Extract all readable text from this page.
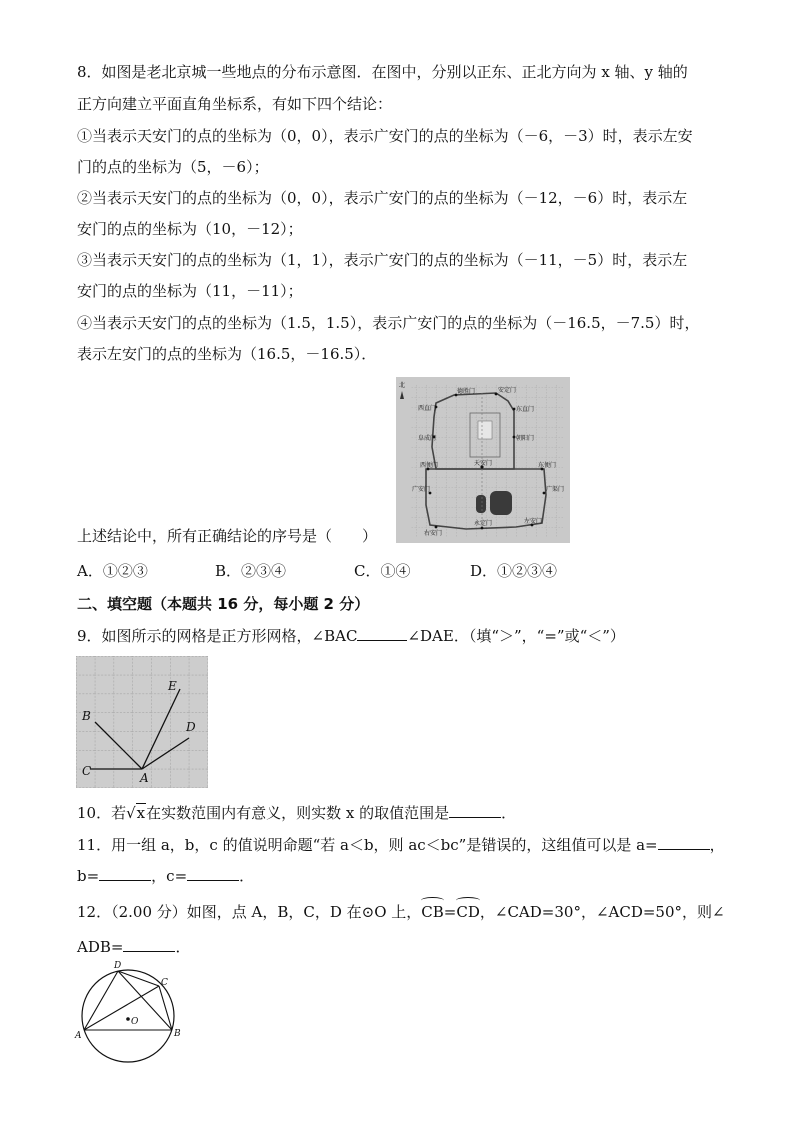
8．如图是老北京城一些地点的分布示意图．在图中，分别以正东、正北方向为 x 轴、y 轴的
正方向建立平面直角坐标系，有如下四个结论：
①当表示天安门的点的坐标为（0，0），表示广安门的点的坐标为（－6，－3）时，表示左安
门的点的坐标为（5，－6）；
②当表示天安门的点的坐标为（0，0），表示广安门的点的坐标为（－12，－6）时，表示左
安门的点的坐标为（10，－12）；
③当表示天安门的点的坐标为（1，1），表示广安门的点的坐标为（－11，－5）时，表示左
安门的点的坐标为（11，－11）；
④当表示天安门的点的坐标为（1.5，1.5），表示广安门的点的坐标为（－16.5，－7.5）时，
表示左安门的点的坐标为（16.5，－16.5）．
北
德胜门	安定门
西直门	东直门
阜成门	朝阳门
西便门	天安门	东便门
广安门	广渠门
右安门
永定门	左安门
上述结论中，所有正确结论的序号是（　　）
A．①②③	B．②③④	C．①④	D．①②③④
二、填空题（本题共 16 分，每小题 2 分）
9．如图所示的网格是正方形网格，∠BAC	∠DAE．（填“＞”，“=”或“＜”）
B
C	A
E
D
10．若√x在实数范围内有意义，则实数 x 的取值范围是	．
11．用一组 a，b，c 的值说明命题“若 a＜b，则 ac＜bc”是错误的，这组值可以是 a=	，
b=	，c=	．
12．（2.00 分）如图，点 A，B，C，D 在⊙O 上，CB=CD，∠CAD=30°，∠ACD=50°，则∠
ADB=	．
D
C
A	B
O
